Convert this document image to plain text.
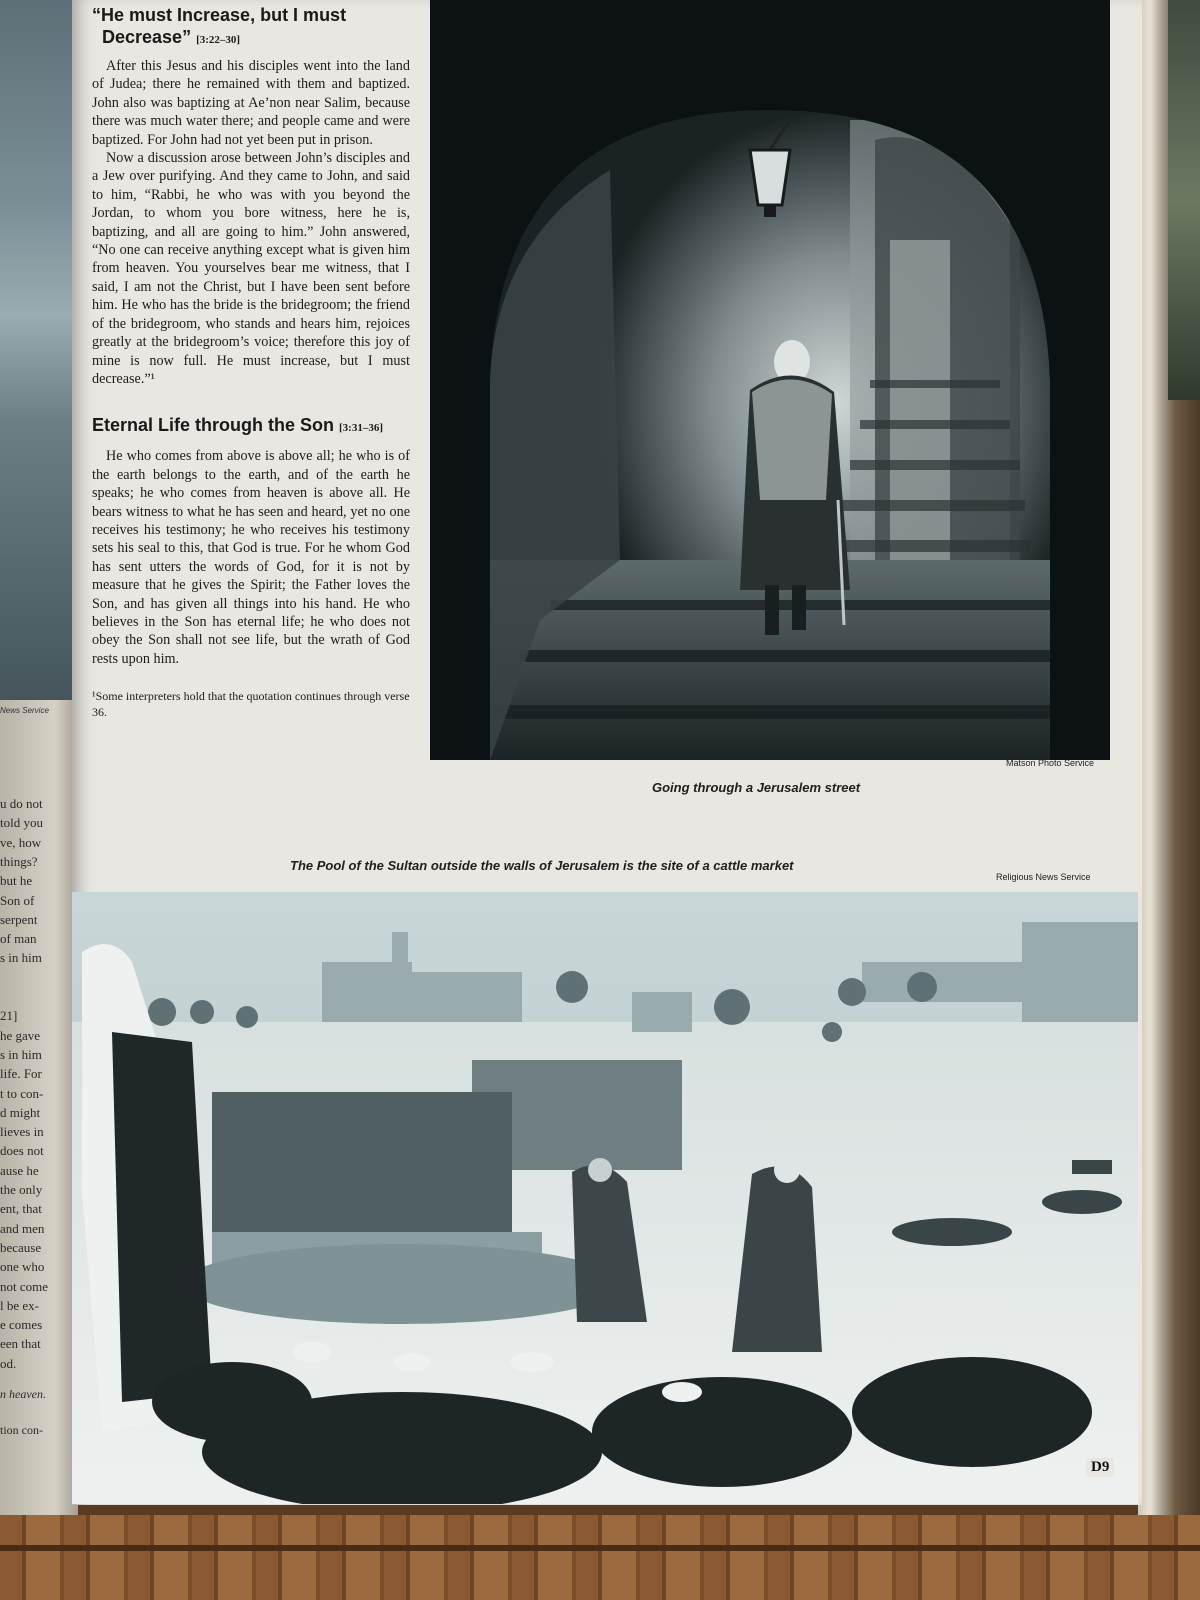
News Service
u do not
told you
ve, how
things?
but he
Son of
serpent
of man
s in him
21]
he gave
s in him
life. For
t to con-
d might
lieves in
does not
ause he
the only
ent, that
and men
because
one who
not come
l be ex-
e comes
een that
od.
n heaven.
tion con-
“He must Increase, but I must
Decrease” [3:22–30]

After this Jesus and his disciples went into the land of Judea; there he remained with them and baptized. John also was baptizing at Ae’non near Salim, because there was much water there; and people came and were baptized. For John had not yet been put in prison.

Now a discussion arose between John’s disciples and a Jew over purifying. And they came to John, and said to him, “Rabbi, he who was with you beyond the Jordan, to whom you bore witness, here he is, baptizing, and all are going to him.” John answered, “No one can receive anything except what is given him from heaven. You yourselves bear me witness, that I said, I am not the Christ, but I have been sent before him. He who has the bride is the bridegroom; the friend of the bridegroom, who stands and hears him, rejoices greatly at the bridegroom’s voice; therefore this joy of mine is now full. He must increase, but I must decrease.”¹

Eternal Life through the Son [3:31–36]

He who comes from above is above all; he who is of the earth belongs to the earth, and of the earth he speaks; he who comes from heaven is above all. He bears witness to what he has seen and heard, yet no one receives his testimony; he who receives his testimony sets his seal to this, that God is true. For he whom God has sent utters the words of God, for it is not by measure that he gives the Spirit; the Father loves the Son, and has given all things into his hand. He who believes in the Son has eternal life; he who does not obey the Son shall not see life, but the wrath of God rests upon him.

¹Some interpreters hold that the quotation continues through verse 36.

Matson Photo Service
Going through a Jerusalem street
The Pool of the Sultan outside the walls of Jerusalem is the site of a cattle market
Religious News Service
D9
